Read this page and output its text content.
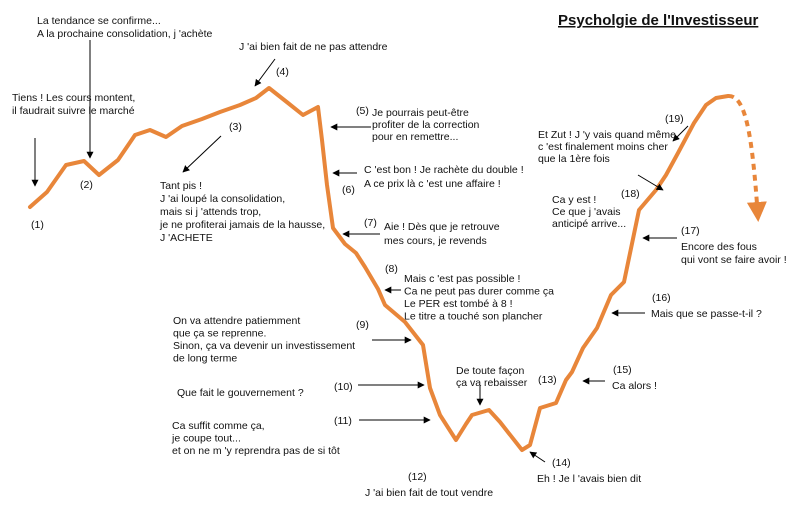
Psycholgie de l'Investisseur
(1)
(2)
(3)
(4)
(5)
(6)
(7)
(8)
(9)
(10)
(11)
(12)
(13)
(14)
(15)
(16)
(17)
(18)
(19)
Tiens ! Les cours montent, il faudrait suivre le marché
La tendance se confirme... A la prochaine consolidation, j 'achète
Tant pis ! J 'ai loupé la consolidation, mais si j 'attends trop, je ne profiterai jamais de la hausse, J 'ACHETE
J 'ai bien fait de ne pas attendre
Je pourrais peut-être profiter de la correction pour en remettre...
C 'est bon ! Je rachète du double ! A ce prix là c 'est une affaire !
Aie ! Dès que je retrouve mes cours, je revends
Mais c 'est pas possible ! Ca ne peut pas durer comme ça Le PER est tombé à 8 ! Le titre a touché son plancher
On va attendre patiemment que ça se reprenne. Sinon, ça va devenir un investissement de long terme
Que fait le gouvernement ?
Ca suffit comme ça, je coupe tout... et on ne m 'y reprendra pas de si tôt
J 'ai bien fait de tout vendre
De toute façon ça va rebaisser
Eh ! Je l 'avais bien dit
Ca alors !
Mais que se passe-t-il ?
Encore des fous qui vont se faire avoir !
Ca y est ! Ce que j 'avais anticipé arrive...
Et Zut ! J 'y vais quand même c 'est finalement moins cher que la 1ère fois
